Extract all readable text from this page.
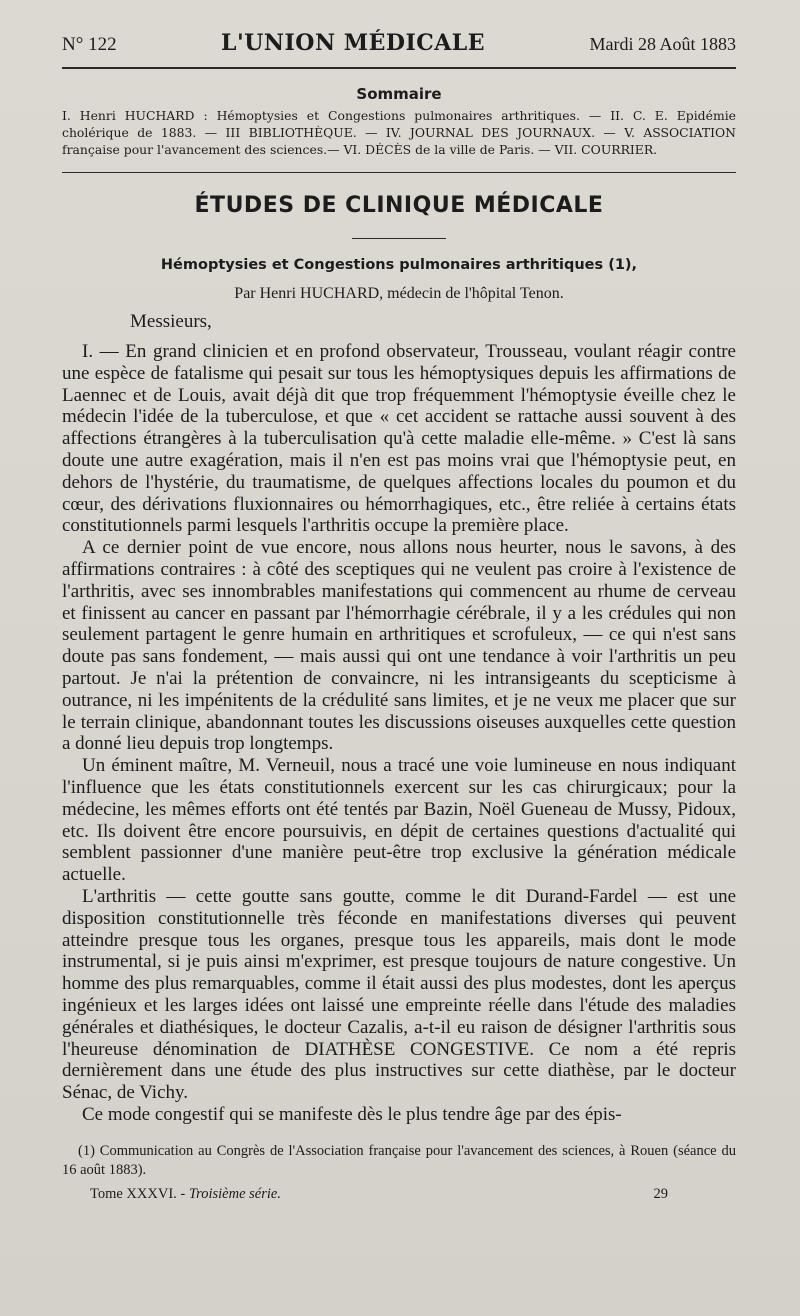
N° 122	L'UNION MÉDICALE	Mardi 28 Août 1883
Sommaire
I. Henri HUCHARD : Hémoptysies et Congestions pulmonaires arthritiques. — II. C. E. Epidémie cholérique de 1883. — III BIBLIOTHÈQUE. — IV. JOURNAL DES JOURNAUX. — V. ASSOCIATION française pour l'avancement des sciences.— VI. DÉCÈS de la ville de Paris. — VII. COURRIER.
ÉTUDES DE CLINIQUE MÉDICALE
Hémoptysies et Congestions pulmonaires arthritiques (1),
Par Henri HUCHARD, médecin de l'hôpital Tenon.
Messieurs,

I. — En grand clinicien et en profond observateur, Trousseau, voulant réagir contre une espèce de fatalisme qui pesait sur tous les hémoptysiques depuis les affirmations de Laennec et de Louis, avait déjà dit que trop fréquemment l'hémoptysie éveille chez le médecin l'idée de la tuberculose, et que « cet accident se rattache aussi souvent à des affections étrangères à la tuberculisation qu'à cette maladie elle-même. » C'est là sans doute une autre exagération, mais il n'en est pas moins vrai que l'hémoptysie peut, en dehors de l'hystérie, du traumatisme, de quelques affections locales du poumon et du cœur, des dérivations fluxionnaires ou hémorrhagiques, etc., être reliée à certains états constitutionnels parmi lesquels l'arthritis occupe la première place.

A ce dernier point de vue encore, nous allons nous heurter, nous le savons, à des affirmations contraires : à côté des sceptiques qui ne veulent pas croire à l'existence de l'arthritis, avec ses innombrables manifestations qui commencent au rhume de cerveau et finissent au cancer en passant par l'hémorrhagie cérébrale, il y a les crédules qui non seulement partagent le genre humain en arthritiques et scrofuleux, — ce qui n'est sans doute pas sans fondement, — mais aussi qui ont une tendance à voir l'arthritis un peu partout. Je n'ai la prétention de convaincre, ni les intransigeants du scepticisme à outrance, ni les impénitents de la crédulité sans limites, et je ne veux me placer que sur le terrain clinique, abandonnant toutes les discussions oiseuses auxquelles cette question a donné lieu depuis trop longtemps.

Un éminent maître, M. Verneuil, nous a tracé une voie lumineuse en nous indiquant l'influence que les états constitutionnels exercent sur les cas chirurgicaux; pour la médecine, les mêmes efforts ont été tentés par Bazin, Noël Gueneau de Mussy, Pidoux, etc. Ils doivent être encore poursuivis, en dépit de certaines questions d'actualité qui semblent passionner d'une manière peut-être trop exclusive la génération médicale actuelle.

L'arthritis — cette goutte sans goutte, comme le dit Durand-Fardel — est une disposition constitutionnelle très féconde en manifestations diverses qui peuvent atteindre presque tous les organes, presque tous les appareils, mais dont le mode instrumental, si je puis ainsi m'exprimer, est presque toujours de nature congestive. Un homme des plus remarquables, comme il était aussi des plus modestes, dont les aperçus ingénieux et les larges idées ont laissé une empreinte réelle dans l'étude des maladies générales et diathésiques, le docteur Cazalis, a-t-il eu raison de désigner l'arthritis sous l'heureuse dénomination de DIATHÈSE CONGESTIVE. Ce nom a été repris dernièrement dans une étude des plus instructives sur cette diathèse, par le docteur Sénac, de Vichy.

Ce mode congestif qui se manifeste dès le plus tendre âge par des épis-

(1) Communication au Congrès de l'Association française pour l'avancement des sciences, à Rouen (séance du 16 août 1883).
Tome XXXVI. - Troisième série.	29
